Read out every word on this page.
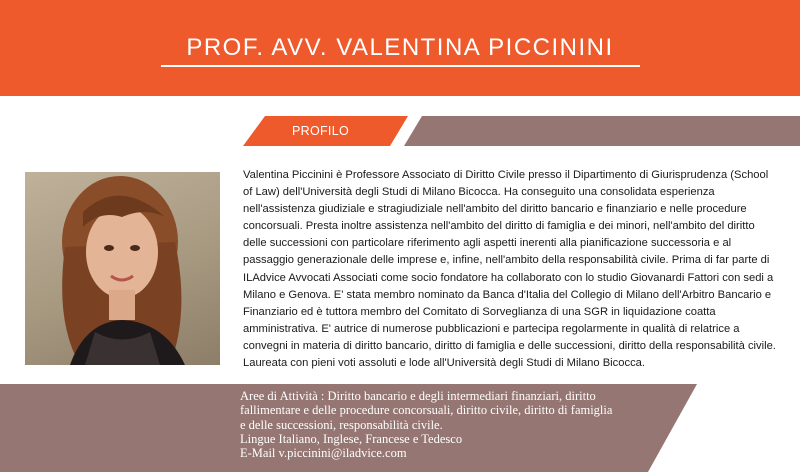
PROF. AVV. VALENTINA PICCININI
PROFILO
Valentina Piccinini è Professore Associato di Diritto Civile presso il Dipartimento di Giurisprudenza (School of Law) dell'Università degli Studi di Milano Bicocca. Ha conseguito una consolidata esperienza nell'assistenza giudiziale e stragiudiziale nell'ambito del diritto bancario e finanziario e nelle procedure concorsuali. Presta inoltre assistenza nell'ambito del diritto di famiglia e dei minori, nell'ambito del diritto delle successioni con particolare riferimento agli aspetti inerenti alla pianificazione successoria e al passaggio generazionale delle imprese e, infine, nell'ambito della responsabilità civile. Prima di far parte di ILAdvice Avvocati Associati come socio fondatore ha collaborato con lo studio Giovanardi Fattori con sedi a Milano e Genova. E' stata membro nominato da Banca d'Italia del Collegio di Milano dell'Arbitro Bancario e Finanziario ed è tuttora membro del Comitato di Sorveglianza di una SGR in liquidazione coatta amministrativa. E' autrice di numerose pubblicazioni e partecipa regolarmente in qualità di relatrice a convegni in materia di diritto bancario, diritto di famiglia e delle successioni, diritto della responsabilità civile. Laureata con pieni voti assoluti e lode all'Università degli Studi di Milano Bicocca.
Aree di Attività : Diritto bancario e degli intermediari finanziari, diritto
fallimentare e delle procedure concorsuali, diritto civile, diritto di famiglia
e delle successioni, responsabilità civile.
Lingue Italiano, Inglese, Francese e Tedesco
E-Mail v.piccinini@iladvice.com
